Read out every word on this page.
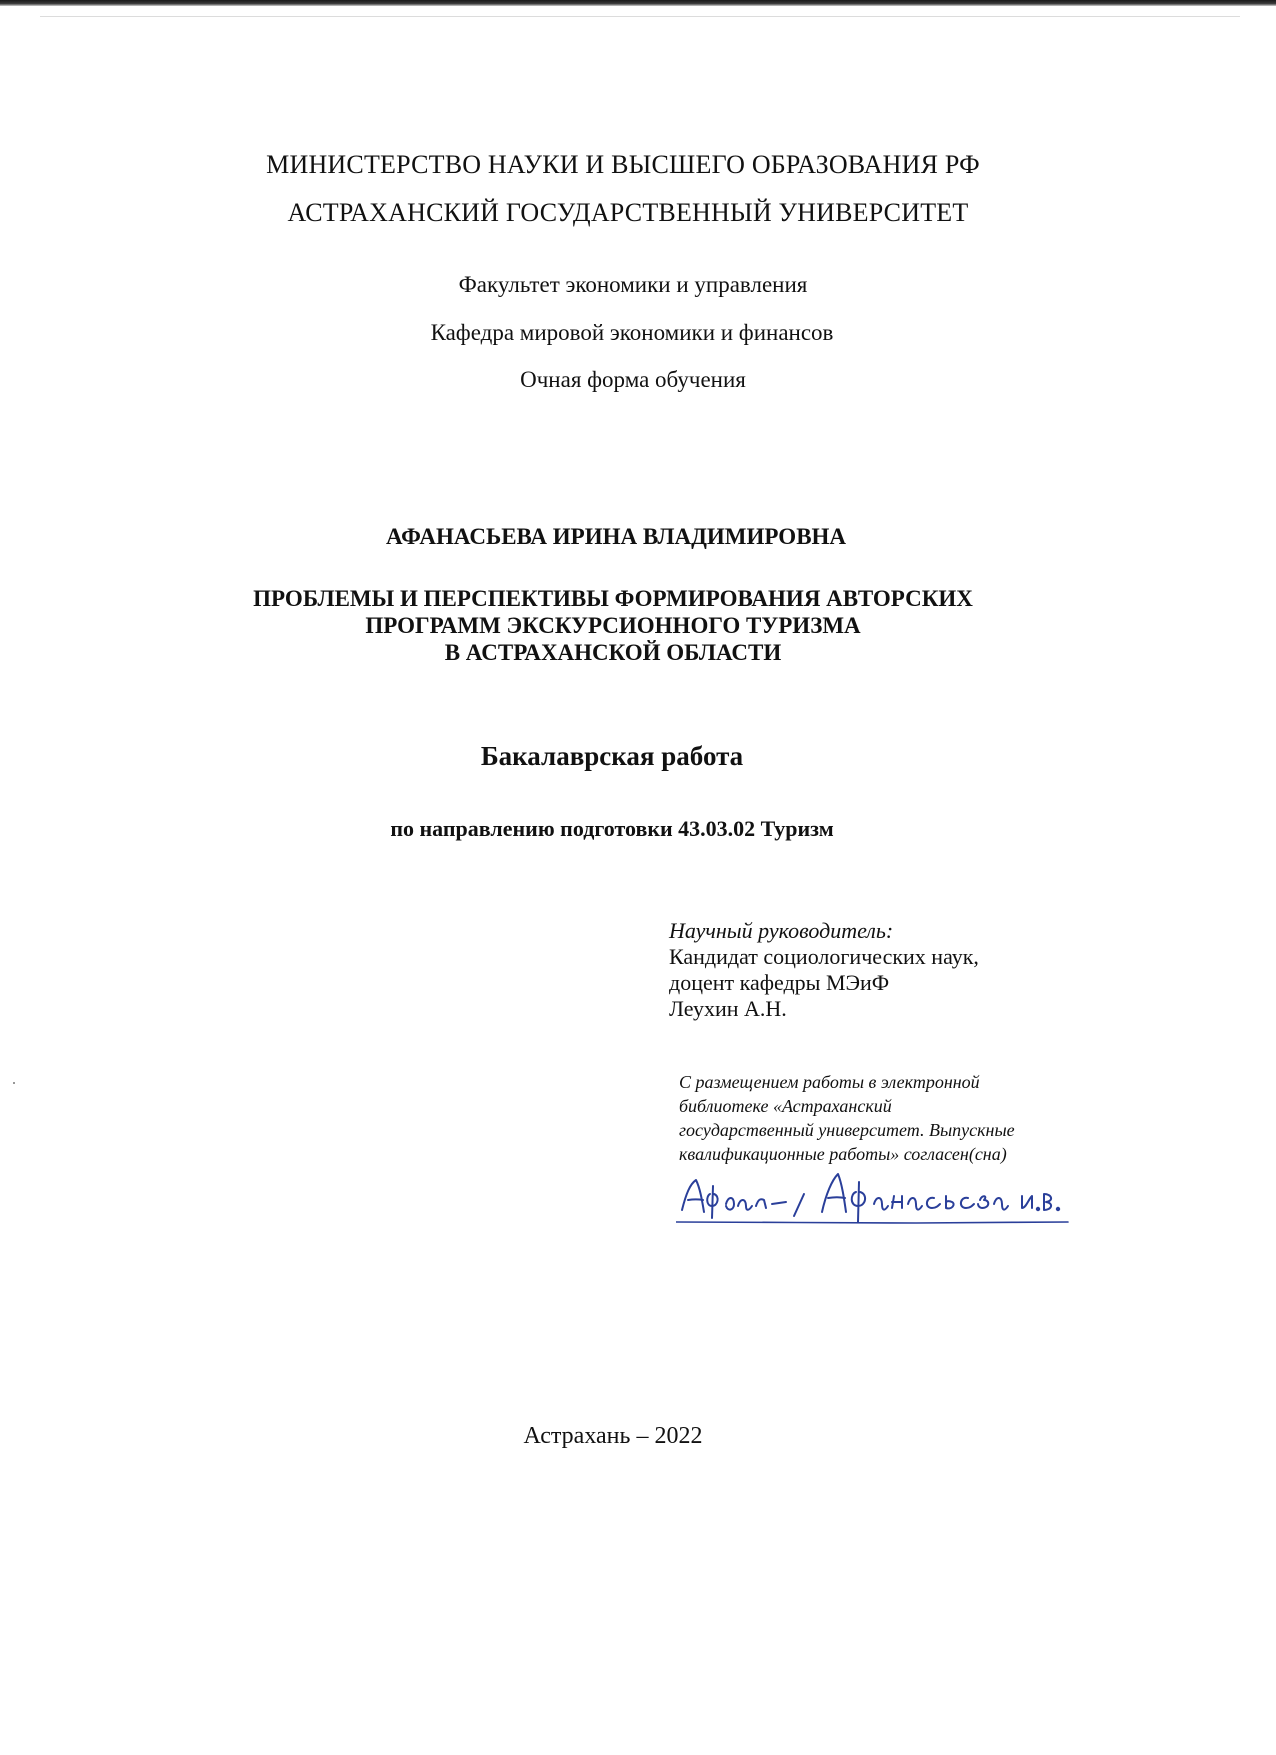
МИНИСТЕРСТВО НАУКИ И ВЫСШЕГО ОБРАЗОВАНИЯ РФ
АСТРАХАНСКИЙ ГОСУДАРСТВЕННЫЙ УНИВЕРСИТЕТ
Факультет экономики и управления
Кафедра мировой экономики и финансов
Очная форма обучения
АФАНАСЬЕВА ИРИНА ВЛАДИМИРОВНА
ПРОБЛЕМЫ И ПЕРСПЕКТИВЫ ФОРМИРОВАНИЯ АВТОРСКИХ
ПРОГРАММ ЭКСКУРСИОННОГО ТУРИЗМА
В АСТРАХАНСКОЙ ОБЛАСТИ
Бакалаврская работа
по направлению подготовки 43.03.02 Туризм
Научный руководитель:
Кандидат социологических наук,
доцент кафедры МЭиФ
Леухин А.Н.
С размещением работы в электронной
библиотеке «Астраханский
государственный университет. Выпускные
квалификационные работы» согласен(сна)
Астрахань – 2022
